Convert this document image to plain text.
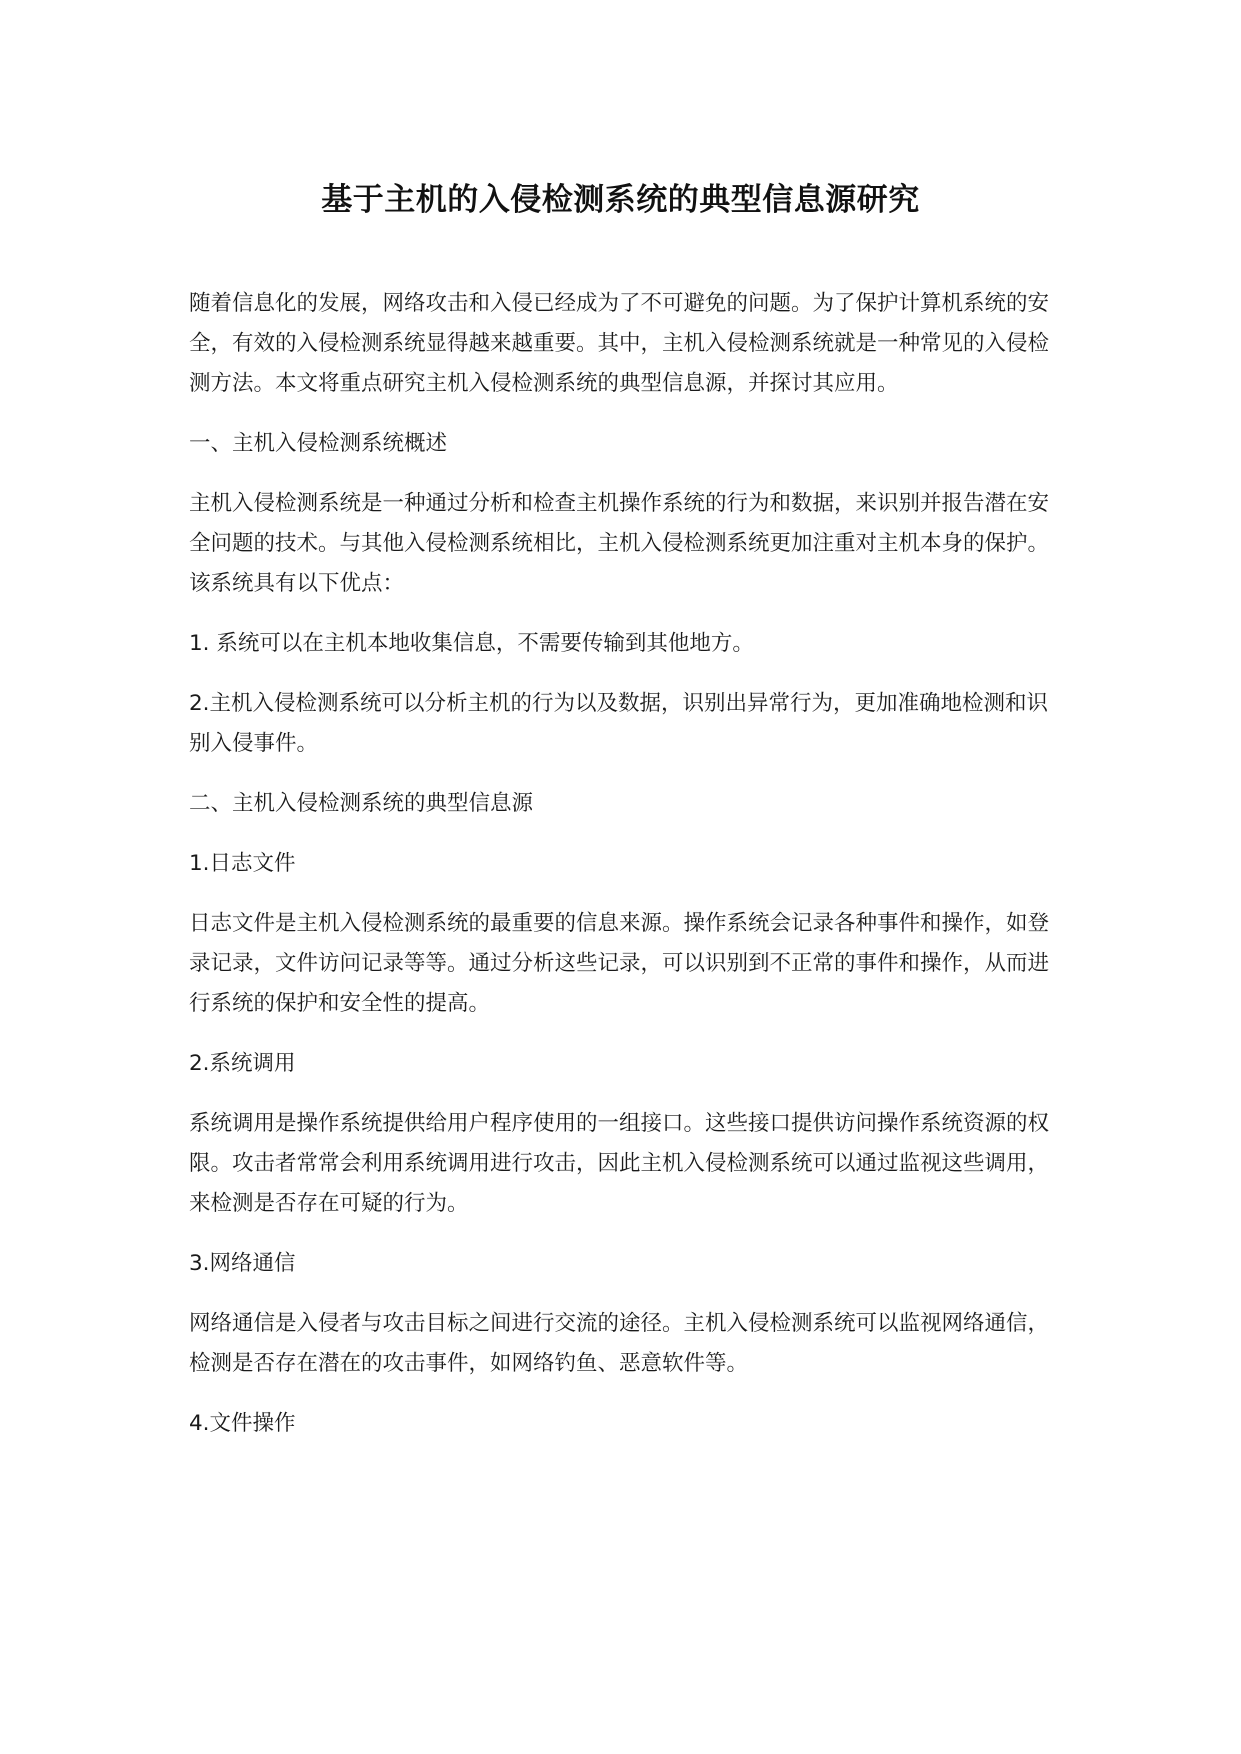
基于主机的入侵检测系统的典型信息源研究

随着信息化的发展，网络攻击和入侵已经成为了不可避免的问题。为了保护计算机系统的安全，有效的入侵检测系统显得越来越重要。其中，主机入侵检测系统就是一种常见的入侵检测方法。本文将重点研究主机入侵检测系统的典型信息源，并探讨其应用。

一、主机入侵检测系统概述

主机入侵检测系统是一种通过分析和检查主机操作系统的行为和数据，来识别并报告潜在安全问题的技术。与其他入侵检测系统相比，主机入侵检测系统更加注重对主机本身的保护。该系统具有以下优点：

1. 系统可以在主机本地收集信息，不需要传输到其他地方。

2.主机入侵检测系统可以分析主机的行为以及数据，识别出异常行为，更加准确地检测和识别入侵事件。

二、主机入侵检测系统的典型信息源

1.日志文件

日志文件是主机入侵检测系统的最重要的信息来源。操作系统会记录各种事件和操作，如登录记录，文件访问记录等等。通过分析这些记录，可以识别到不正常的事件和操作，从而进行系统的保护和安全性的提高。

2.系统调用

系统调用是操作系统提供给用户程序使用的一组接口。这些接口提供访问操作系统资源的权限。攻击者常常会利用系统调用进行攻击，因此主机入侵检测系统可以通过监视这些调用，来检测是否存在可疑的行为。

3.网络通信

网络通信是入侵者与攻击目标之间进行交流的途径。主机入侵检测系统可以监视网络通信，检测是否存在潜在的攻击事件，如网络钓鱼、恶意软件等。

4.文件操作
